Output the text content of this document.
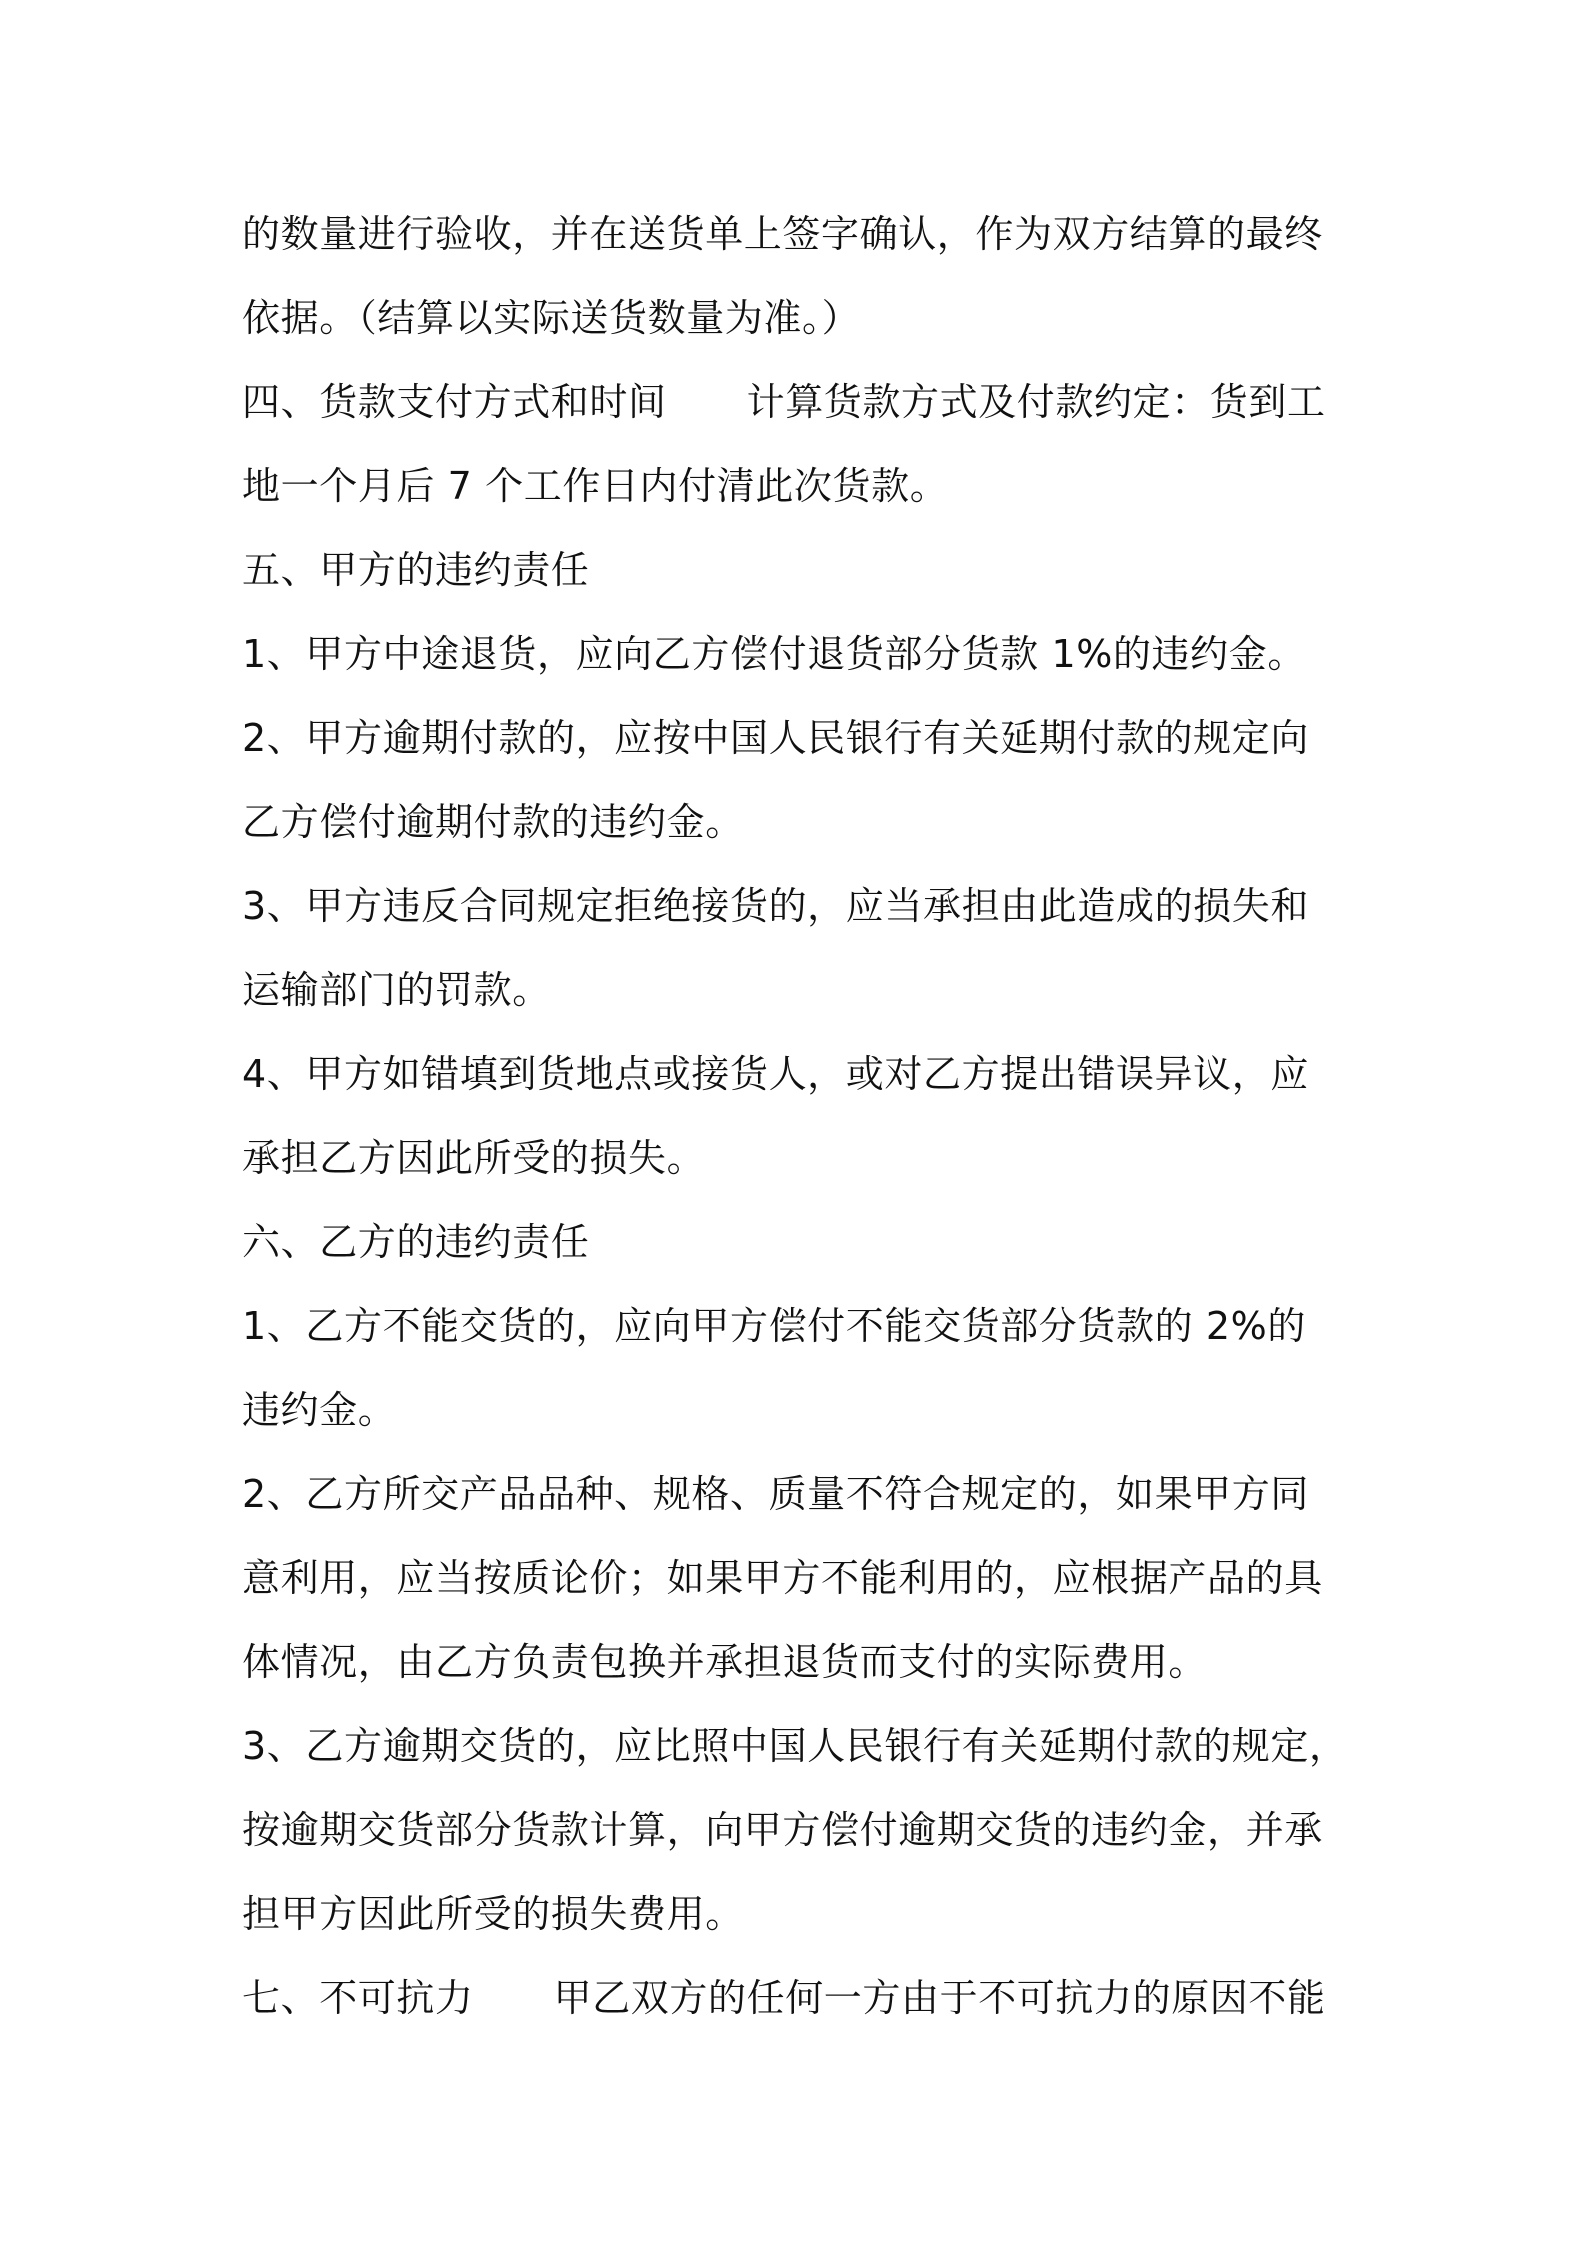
的数量进行验收，并在送货单上签字确认，作为双方结算的最终
依据。（结算以实际送货数量为准。）
四、货款支付方式和时间 计算货款方式及付款约定：货到工
地一个月后 7 个工作日内付清此次货款。
五、甲方的违约责任
1、甲方中途退货，应向乙方偿付退货部分货款 1%的违约金。
2、甲方逾期付款的，应按中国人民银行有关延期付款的规定向
乙方偿付逾期付款的违约金。
3、甲方违反合同规定拒绝接货的，应当承担由此造成的损失和
运输部门的罚款。
4、甲方如错填到货地点或接货人，或对乙方提出错误异议，应
承担乙方因此所受的损失。
六、乙方的违约责任
1、乙方不能交货的，应向甲方偿付不能交货部分货款的 2%的
违约金。
2、乙方所交产品品种、规格、质量不符合规定的，如果甲方同
意利用，应当按质论价；如果甲方不能利用的，应根据产品的具
体情况，由乙方负责包换并承担退货而支付的实际费用。
3、乙方逾期交货的，应比照中国人民银行有关延期付款的规定，
按逾期交货部分货款计算，向甲方偿付逾期交货的违约金，并承
担甲方因此所受的损失费用。
七、不可抗力 甲乙双方的任何一方由于不可抗力的原因不能
